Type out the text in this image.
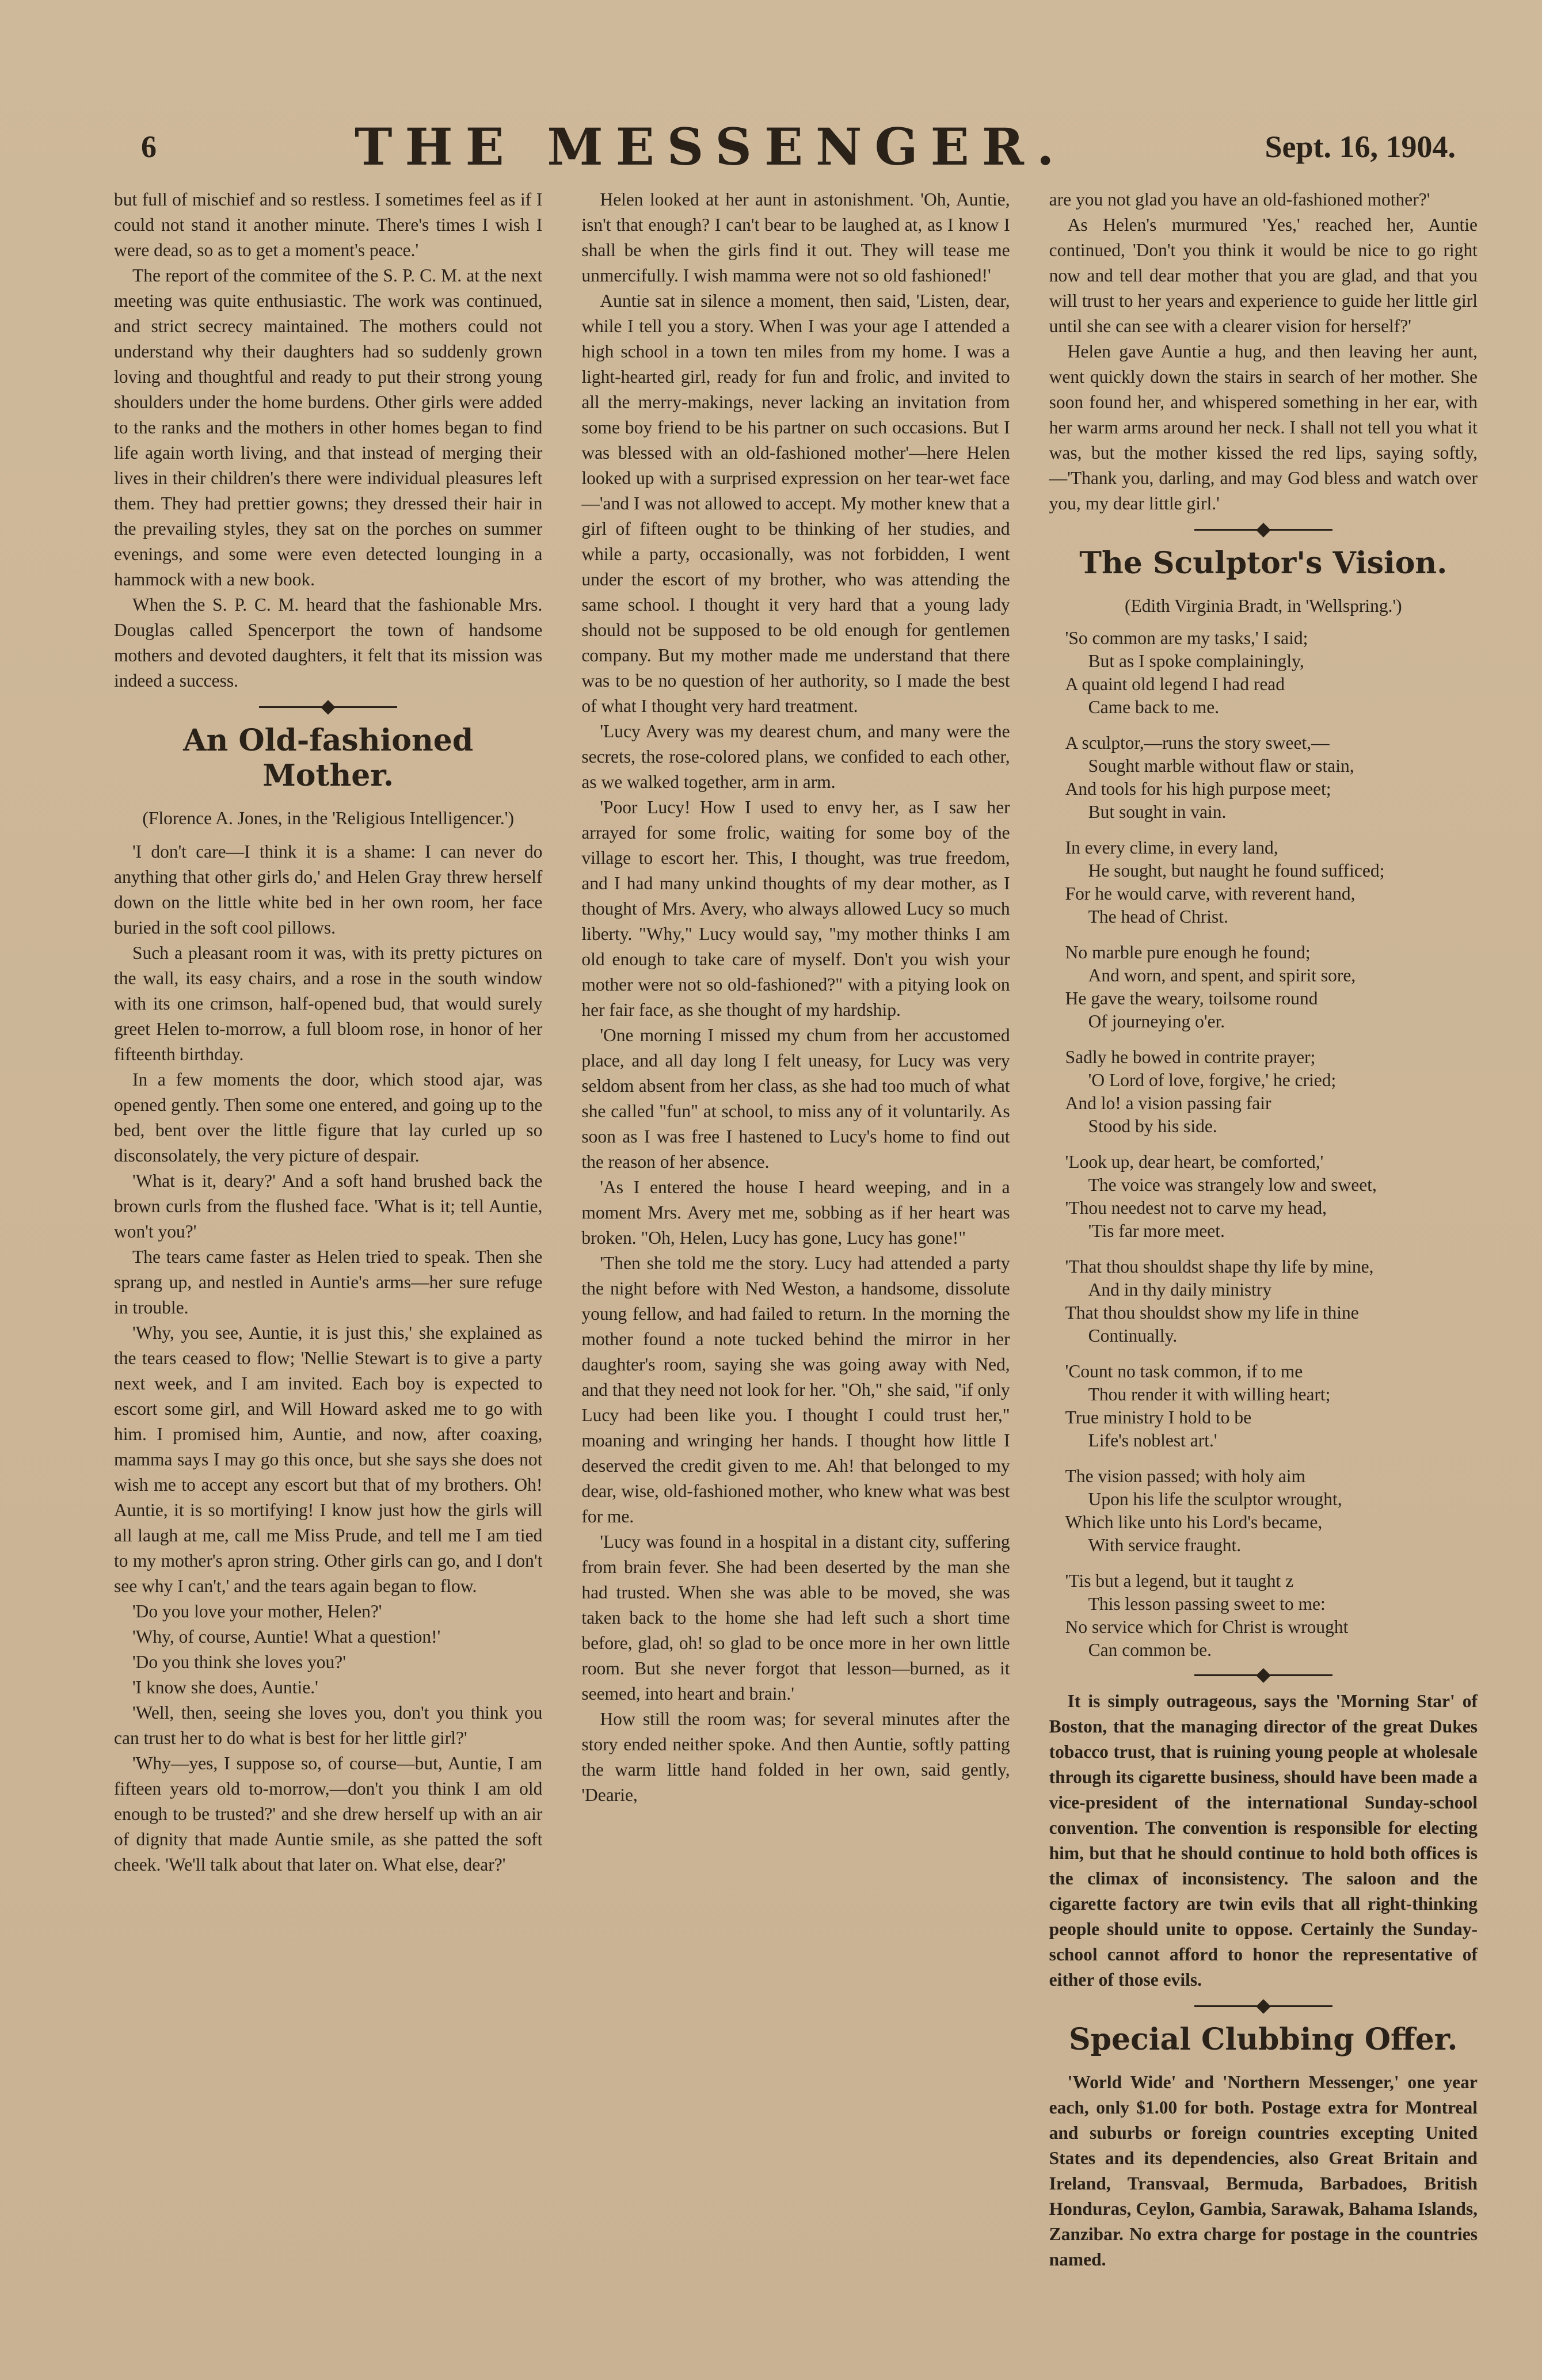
6	THE MESSENGER.	Sept. 16, 1904.

but full of mischief and so restless. I sometimes feel as if I could not stand it another minute. There's times I wish I were dead, so as to get a moment's peace.'

The report of the commitee of the S. P. C. M. at the next meeting was quite enthusiastic. The work was continued, and strict secrecy maintained. The mothers could not understand why their daughters had so suddenly grown loving and thoughtful and ready to put their strong young shoulders under the home burdens. Other girls were added to the ranks and the mothers in other homes began to find life again worth living, and that instead of merging their lives in their children's there were individual pleasures left them. They had prettier gowns; they dressed their hair in the prevailing styles, they sat on the porches on summer evenings, and some were even detected lounging in a hammock with a new book.

When the S. P. C. M. heard that the fashionable Mrs. Douglas called Spencerport the town of handsome mothers and devoted daughters, it felt that its mission was indeed a success.

An Old-fashioned Mother.
(Florence A. Jones, in the 'Religious Intelligencer.')

'I don't care—I think it is a shame: I can never do anything that other girls do,' and Helen Gray threw herself down on the little white bed in her own room, her face buried in the soft cool pillows.

Such a pleasant room it was, with its pretty pictures on the wall, its easy chairs, and a rose in the south window with its one crimson, half-opened bud, that would surely greet Helen to-morrow, a full bloom rose, in honor of her fifteenth birthday.

In a few moments the door, which stood ajar, was opened gently. Then some one entered, and going up to the bed, bent over the little figure that lay curled up so disconsolately, the very picture of despair.

'What is it, deary?' And a soft hand brushed back the brown curls from the flushed face. 'What is it; tell Auntie, won't you?'

The tears came faster as Helen tried to speak. Then she sprang up, and nestled in Auntie's arms—her sure refuge in trouble.

'Why, you see, Auntie, it is just this,' she explained as the tears ceased to flow; 'Nellie Stewart is to give a party next week, and I am invited. Each boy is expected to escort some girl, and Will Howard asked me to go with him. I promised him, Auntie, and now, after coaxing, mamma says I may go this once, but she says she does not wish me to accept any escort but that of my brothers. Oh! Auntie, it is so mortifying! I know just how the girls will all laugh at me, call me Miss Prude, and tell me I am tied to my mother's apron string. Other girls can go, and I don't see why I can't,' and the tears again began to flow.

'Do you love your mother, Helen?'

'Why, of course, Auntie! What a question!'

'Do you think she loves you?'

'I know she does, Auntie.'

'Well, then, seeing she loves you, don't you think you can trust her to do what is best for her little girl?'

'Why—yes, I suppose so, of course—but, Auntie, I am fifteen years old to-morrow,—don't you think I am old enough to be trusted?' and she drew herself up with an air of dignity that made Auntie smile, as she patted the soft cheek. 'We'll talk about that later on. What else, dear?'

Helen looked at her aunt in astonishment. 'Oh, Auntie, isn't that enough? I can't bear to be laughed at, as I know I shall be when the girls find it out. They will tease me unmercifully. I wish mamma were not so old fashioned!'

Auntie sat in silence a moment, then said, 'Listen, dear, while I tell you a story. When I was your age I attended a high school in a town ten miles from my home. I was a light-hearted girl, ready for fun and frolic, and invited to all the merry-makings, never lacking an invitation from some boy friend to be his partner on such occasions. But I was blessed with an old-fashioned mother'—here Helen looked up with a surprised expression on her tear-wet face—'and I was not allowed to accept. My mother knew that a girl of fifteen ought to be thinking of her studies, and while a party, occasionally, was not forbidden, I went under the escort of my brother, who was attending the same school. I thought it very hard that a young lady should not be supposed to be old enough for gentlemen company. But my mother made me understand that there was to be no question of her authority, so I made the best of what I thought very hard treatment.

'Lucy Avery was my dearest chum, and many were the secrets, the rose-colored plans, we confided to each other, as we walked together, arm in arm.

'Poor Lucy! How I used to envy her, as I saw her arrayed for some frolic, waiting for some boy of the village to escort her. This, I thought, was true freedom, and I had many unkind thoughts of my dear mother, as I thought of Mrs. Avery, who always allowed Lucy so much liberty. "Why," Lucy would say, "my mother thinks I am old enough to take care of myself. Don't you wish your mother were not so old-fashioned?" with a pitying look on her fair face, as she thought of my hardship.

'One morning I missed my chum from her accustomed place, and all day long I felt uneasy, for Lucy was very seldom absent from her class, as she had too much of what she called "fun" at school, to miss any of it voluntarily. As soon as I was free I hastened to Lucy's home to find out the reason of her absence.

'As I entered the house I heard weeping, and in a moment Mrs. Avery met me, sobbing as if her heart was broken. "Oh, Helen, Lucy has gone, Lucy has gone!"

'Then she told me the story. Lucy had attended a party the night before with Ned Weston, a handsome, dissolute young fellow, and had failed to return. In the morning the mother found a note tucked behind the mirror in her daughter's room, saying she was going away with Ned, and that they need not look for her. "Oh," she said, "if only Lucy had been like you. I thought I could trust her," moaning and wringing her hands. I thought how little I deserved the credit given to me. Ah! that belonged to my dear, wise, old-fashioned mother, who knew what was best for me.

'Lucy was found in a hospital in a distant city, suffering from brain fever. She had been deserted by the man she had trusted. When she was able to be moved, she was taken back to the home she had left such a short time before, glad, oh! so glad to be once more in her own little room. But she never forgot that lesson—burned, as it seemed, into heart and brain.'

How still the room was; for several minutes after the story ended neither spoke. And then Auntie, softly patting the warm little hand folded in her own, said gently, 'Dearie,

are you not glad you have an old-fashioned mother?'

As Helen's murmured 'Yes,' reached her, Auntie continued, 'Don't you think it would be nice to go right now and tell dear mother that you are glad, and that you will trust to her years and experience to guide her little girl until she can see with a clearer vision for herself?'

Helen gave Auntie a hug, and then leaving her aunt, went quickly down the stairs in search of her mother. She soon found her, and whispered something in her ear, with her warm arms around her neck. I shall not tell you what it was, but the mother kissed the red lips, saying softly,—'Thank you, darling, and may God bless and watch over you, my dear little girl.'

The Sculptor's Vision.
(Edith Virginia Bradt, in 'Wellspring.')
'So common are my tasks,' I said;
But as I spoke complainingly,
A quaint old legend I had read
Came back to me.
A sculptor,—runs the story sweet,—
Sought marble without flaw or stain,
And tools for his high purpose meet;
But sought in vain.
In every clime, in every land,
He sought, but naught he found sufficed;
For he would carve, with reverent hand,
The head of Christ.
No marble pure enough he found;
And worn, and spent, and spirit sore,
He gave the weary, toilsome round
Of journeying o'er.
Sadly he bowed in contrite prayer;
'O Lord of love, forgive,' he cried;
And lo! a vision passing fair
Stood by his side.
'Look up, dear heart, be comforted,'
The voice was strangely low and sweet,
'Thou needest not to carve my head,
'Tis far more meet.
'That thou shouldst shape thy life by mine,
And in thy daily ministry
That thou shouldst show my life in thine
Continually.
'Count no task common, if to me
Thou render it with willing heart;
True ministry I hold to be
Life's noblest art.'
The vision passed; with holy aim
Upon his life the sculptor wrought,
Which like unto his Lord's became,
With service fraught.
'Tis but a legend, but it taught z
This lesson passing sweet to me:
No service which for Christ is wrought
Can common be.

It is simply outrageous, says the 'Morning Star' of Boston, that the managing director of the great Dukes tobacco trust, that is ruining young people at wholesale through its cigarette business, should have been made a vice-president of the international Sunday-school convention. The convention is responsible for electing him, but that he should continue to hold both offices is the climax of inconsistency. The saloon and the cigarette factory are twin evils that all right-thinking people should unite to oppose. Certainly the Sunday-school cannot afford to honor the representative of either of those evils.

Special Clubbing Offer.

'World Wide' and 'Northern Messenger,' one year each, only $1.00 for both. Postage extra for Montreal and suburbs or foreign countries excepting United States and its dependencies, also Great Britain and Ireland, Transvaal, Bermuda, Barbadoes, British Honduras, Ceylon, Gambia, Sarawak, Bahama Islands, Zanzibar. No extra charge for postage in the countries named.
